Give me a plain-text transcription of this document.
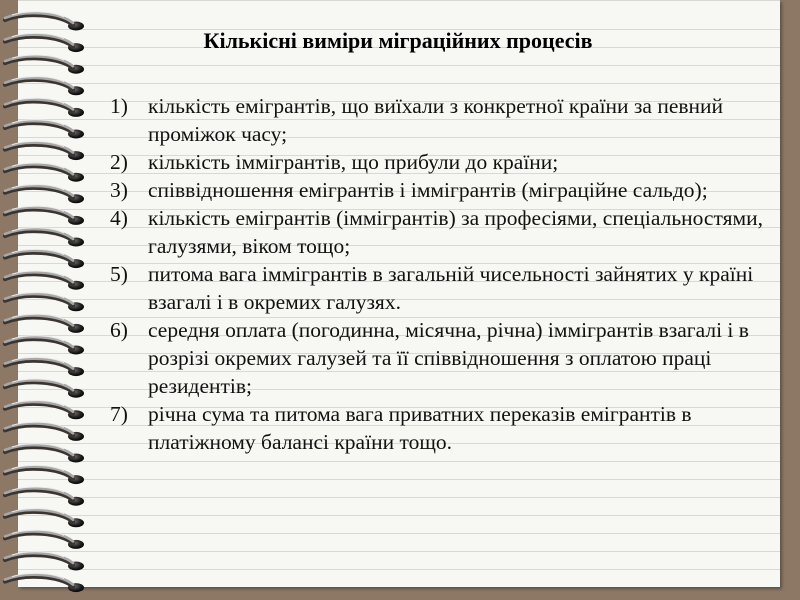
Кількісні виміри міграційних процесів
1) кількість емігрантів, що виїхали з конкретної країни за певний проміжок часу;
2) кількість іммігрантів, що прибули до країни;
3) співвідношення емігрантів і іммігрантів (міграційне сальдо);
4) кількість емігрантів (іммігрантів) за професіями, спеціальностями, галузями, віком тощо;
5) питома вага іммігрантів в загальній чисельності зайнятих у країні взагалі і в окремих галузях.
6) середня оплата (погодинна, місячна, річна) іммігрантів взагалі і в розрізі окремих галузей та її співвідношення з оплатою праці резидентів;
7) річна сума та питома вага приватних переказів емігрантів в платіжному балансі країни тощо.
